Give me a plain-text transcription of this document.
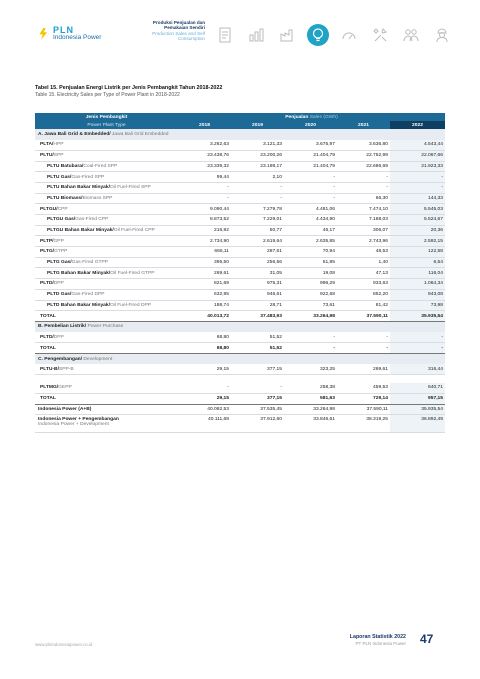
PLN
Indonesia Power
Produksi Penjualan dan Pemakaian Sendiri
Production Sales and Self Consumption
Tabel 15. Penjualan Energi Listrik per Jenis Pembangkit Tahun 2018-2022
Table 15. Electricity Sales per Type of Power Plant in 2018-2022
Jenis Pembangkit	Penjualan Sales (GWh)				
Power Plant Type	2018	2019	2020	2021	2022
A. Jawa Bali Grid & Embedded/ Jawa Bali Grid Embedded					
PLTA/HPP	3.262,63	3.121,33	3.675,97	3.636,80	4.543,44
PLTU/SPP	23.438,76	23.200,26	21.404,79	22.752,99	22.067,66
PLTU Batubara/Coal-Fired SPP	23.339,32	23.198,17	21.404,79	22.686,69	21.923,33
PLTU Gas/Gas-Fired SPP	99,44	2,10	-	-	-
PLTU Bahan Bakar Minyak/Oil Fuel-Fired SPP	-	-	-	-	-
PLTU Biomass/Biomass SPP	-	-	-	66,30	144,33
PLTGU/CPP	9.090,44	7.279,78	4.481,06	7.474,10	5.545,03
PLTGU Gas/Gas-Fired CPP	8.873,52	7.229,01	4.434,90	7.168,03	5.524,67
PLTGU Bahan Bakar Minyak/Oil Fuel-Fired CPP	216,92	50,77	46,17	306,07	20,36
PLTP/GPP	2.734,90	2.619,64	2.635,85	2.743,96	2.592,15
PLTG/GTPP	665,11	287,61	70,94	48,53	122,58
PLTG Gas/Gas-Fired GTPP	395,50	256,56	51,85	1,40	6,54
PLTG Bahan Bakar Minyak/Oil Fuel-Fired GTPP	269,61	31,05	19,08	47,13	116,04
PLTD/DPP	821,69	975,31	996,29	933,63	1.064,34
PLTD Gas/Gas-Fired DPP	632,95	946,61	922,68	852,20	943,08
PLTD Bahan Bakar Minyak/Oil Fuel-Fired DPP	188,74	28,71	73,61	81,42	73,98
TOTAL	40.013,72	37.483,93	33.264,98	37.590,11	35.935,54
B. Pembelian Listrik/ Power Purchase					
PLTD/DPP	68,80	51,52	-	-	-
TOTAL	68,80	51,52	-	-	-
C. Pengembangan/ Development					
PLTU-B/SPP-B	29,15	377,15	323,25	269,61	316,44

PLTMG/GEPP	-	-	258,38	459,53	640,71
TOTAL	29,15	377,15	581,63	729,14	957,15

Indonesia Power (A+B)	40.082,53	37.535,45	33.264,98	37.590,11	35.935,54

Indonesia Power + Pengembangan
Indonesia Power + Development	40.111,68	37.912,60	33.846,61	38.319,25	36.892,49
www.plnindonesiapower.co.id
Laporan Statistik 2022
PT PLN Indonesia Power 47
